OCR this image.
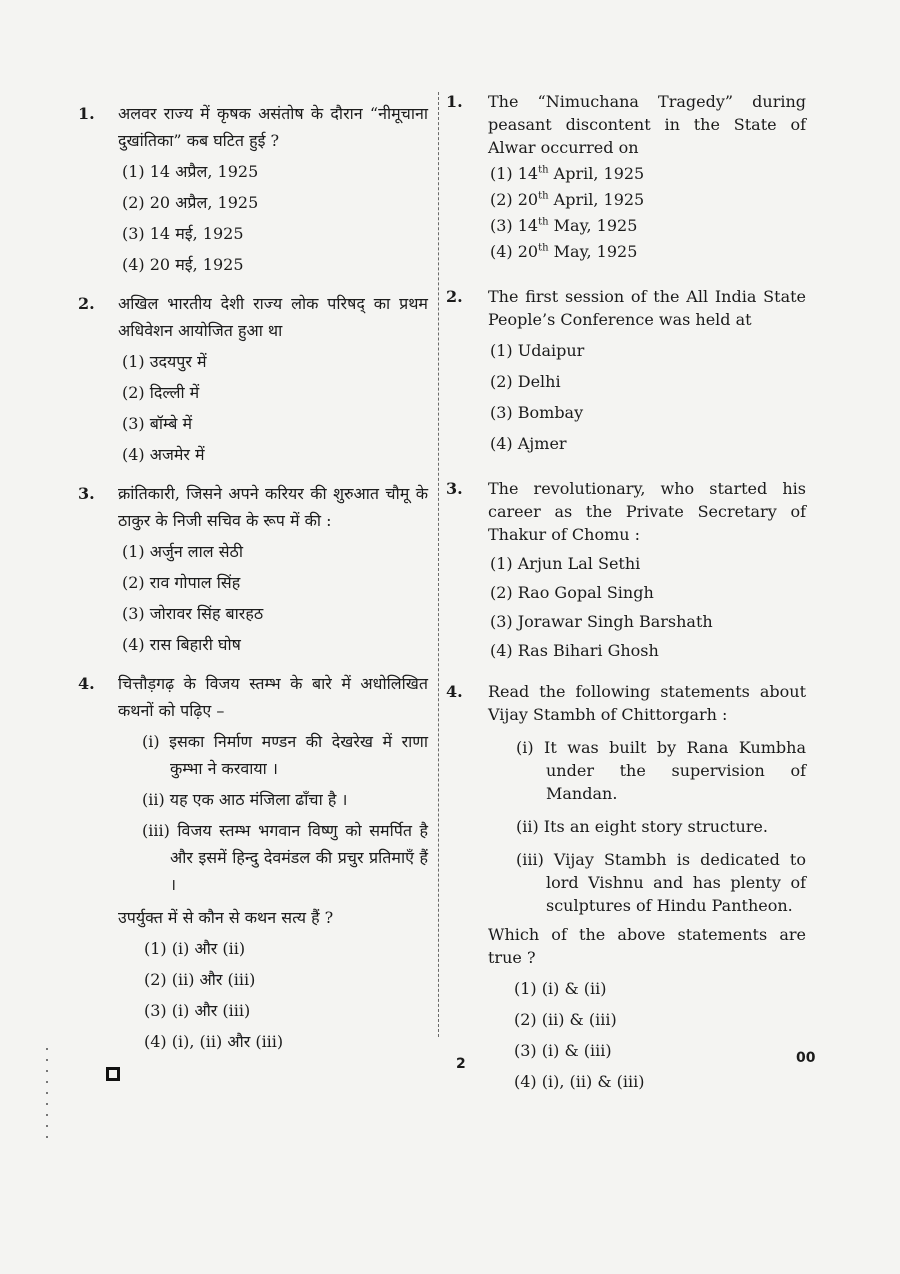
1. अलवर राज्य में कृषक असंतोष के दौरान “नीमूचाना दुखांतिका” कब घटित हुई ?
(1) 14 अप्रैल, 1925
(2) 20 अप्रैल, 1925
(3) 14 मई, 1925
(4) 20 मई, 1925
2. अखिल भारतीय देशी राज्य लोक परिषद् का प्रथम अधिवेशन आयोजित हुआ था
(1) उदयपुर में
(2) दिल्ली में
(3) बॉम्बे में
(4) अजमेर में
3. क्रांतिकारी, जिसने अपने करियर की शुरुआत चौमू के ठाकुर के निजी सचिव के रूप में की :
(1) अर्जुन लाल सेठी
(2) राव गोपाल सिंह
(3) जोरावर सिंह बारहठ
(4) रास बिहारी घोष
4. चित्तौड़गढ़ के विजय स्तम्भ के बारे में अधोलिखित कथनों को पढ़िए –
(i) इसका निर्माण मण्डन की देखरेख में राणा कुम्भा ने करवाया ।
(ii) यह एक आठ मंजिला ढाँचा है ।
(iii) विजय स्तम्भ भगवान विष्णु को समर्पित है और इसमें हिन्दु देवमंडल की प्रचुर प्रतिमाएँ हैं ।
उपर्युक्त में से कौन से कथन सत्य हैं ?
(1) (i) और (ii)
(2) (ii) और (iii)
(3) (i) और (iii)
(4) (i), (ii) और (iii)
1. The “Nimuchana Tragedy” during peasant discontent in the State of Alwar occurred on
(1) 14th April, 1925
(2) 20th April, 1925
(3) 14th May, 1925
(4) 20th May, 1925
2. The first session of the All India State People’s Conference was held at
(1) Udaipur
(2) Delhi
(3) Bombay
(4) Ajmer
3. The revolutionary, who started his career as the Private Secretary of Thakur of Chomu :
(1) Arjun Lal Sethi
(2) Rao Gopal Singh
(3) Jorawar Singh Barshath
(4) Ras Bihari Ghosh
4. Read the following statements about Vijay Stambh of Chittorgarh :
(i) It was built by Rana Kumbha under the supervision of Mandan.
(ii) Its an eight story structure.
(iii) Vijay Stambh is dedicated to lord Vishnu and has plenty of sculptures of Hindu Pantheon.
Which of the above statements are true ?
(1) (i) & (ii)
(2) (ii) & (iii)
(3) (i) & (iii)
(4) (i), (ii) & (iii)
2	00
